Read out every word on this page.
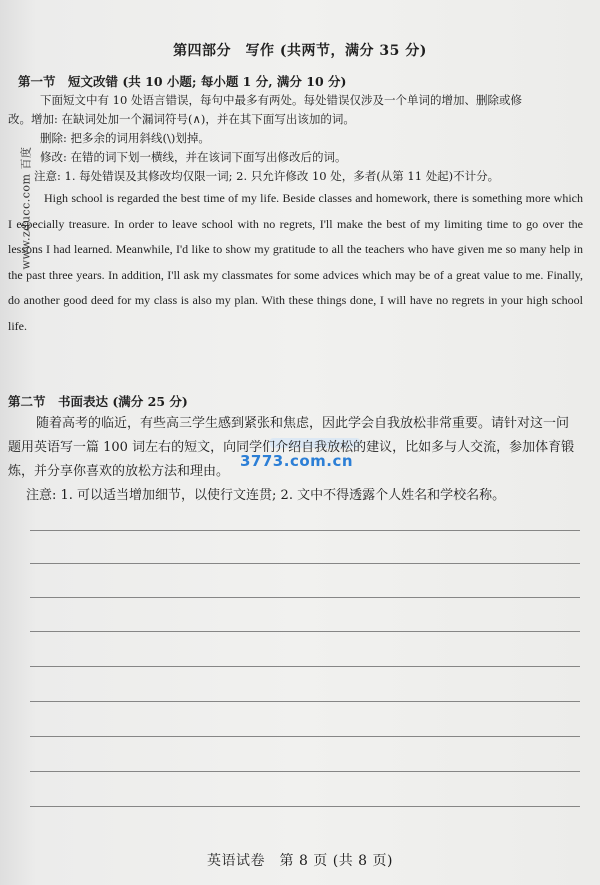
第四部分　写作 (共两节，满分 35 分)
第一节　短文改错 (共 10 小题; 每小题 1 分, 满分 10 分)
下面短文中有 10 处语言错误，每句中最多有两处。每处错误仅涉及一个单词的增加、删除或修
改。增加: 在缺词处加一个漏词符号(∧)，并在其下面写出该加的词。
删除: 把多余的词用斜线(\)划掉。
修改: 在错的词下划一横线，并在该词下面写出修改后的词。
注意: 1. 每处错误及其修改均仅限一词; 2. 只允许修改 10 处，多者(从第 11 处起)不计分。
High school is regarded the best time of my life. Beside classes and homework, there is something more which I especially treasure. In order to leave school with no regrets, I'll make the best of my limiting time to go over the lessons I had learned. Meanwhile, I'd like to show my gratitude to all the teachers who have given me so many help in the past three years. In addition, I'll ask my classmates for some advices which may be of a great value to me. Finally, do another good deed for my class is also my plan. With these things done, I will have no regrets in your high school life.
第二节　书面表达 (满分 25 分)
随着高考的临近，有些高三学生感到紧张和焦虑，因此学会自我放松非常重要。请针对这一问
题用英语写一篇 100 词左右的短文，向同学们介绍自我放松的建议，比如多与人交流，参加体育锻
炼，并分享你喜欢的放松方法和理由。
注意: 1. 可以适当增加细节，以使行文连贯; 2. 文中不得透露个人姓名和学校名称。
3773.com.cn
www.zducc.com 百度
英语试卷　第 8 页 (共 8 页)
